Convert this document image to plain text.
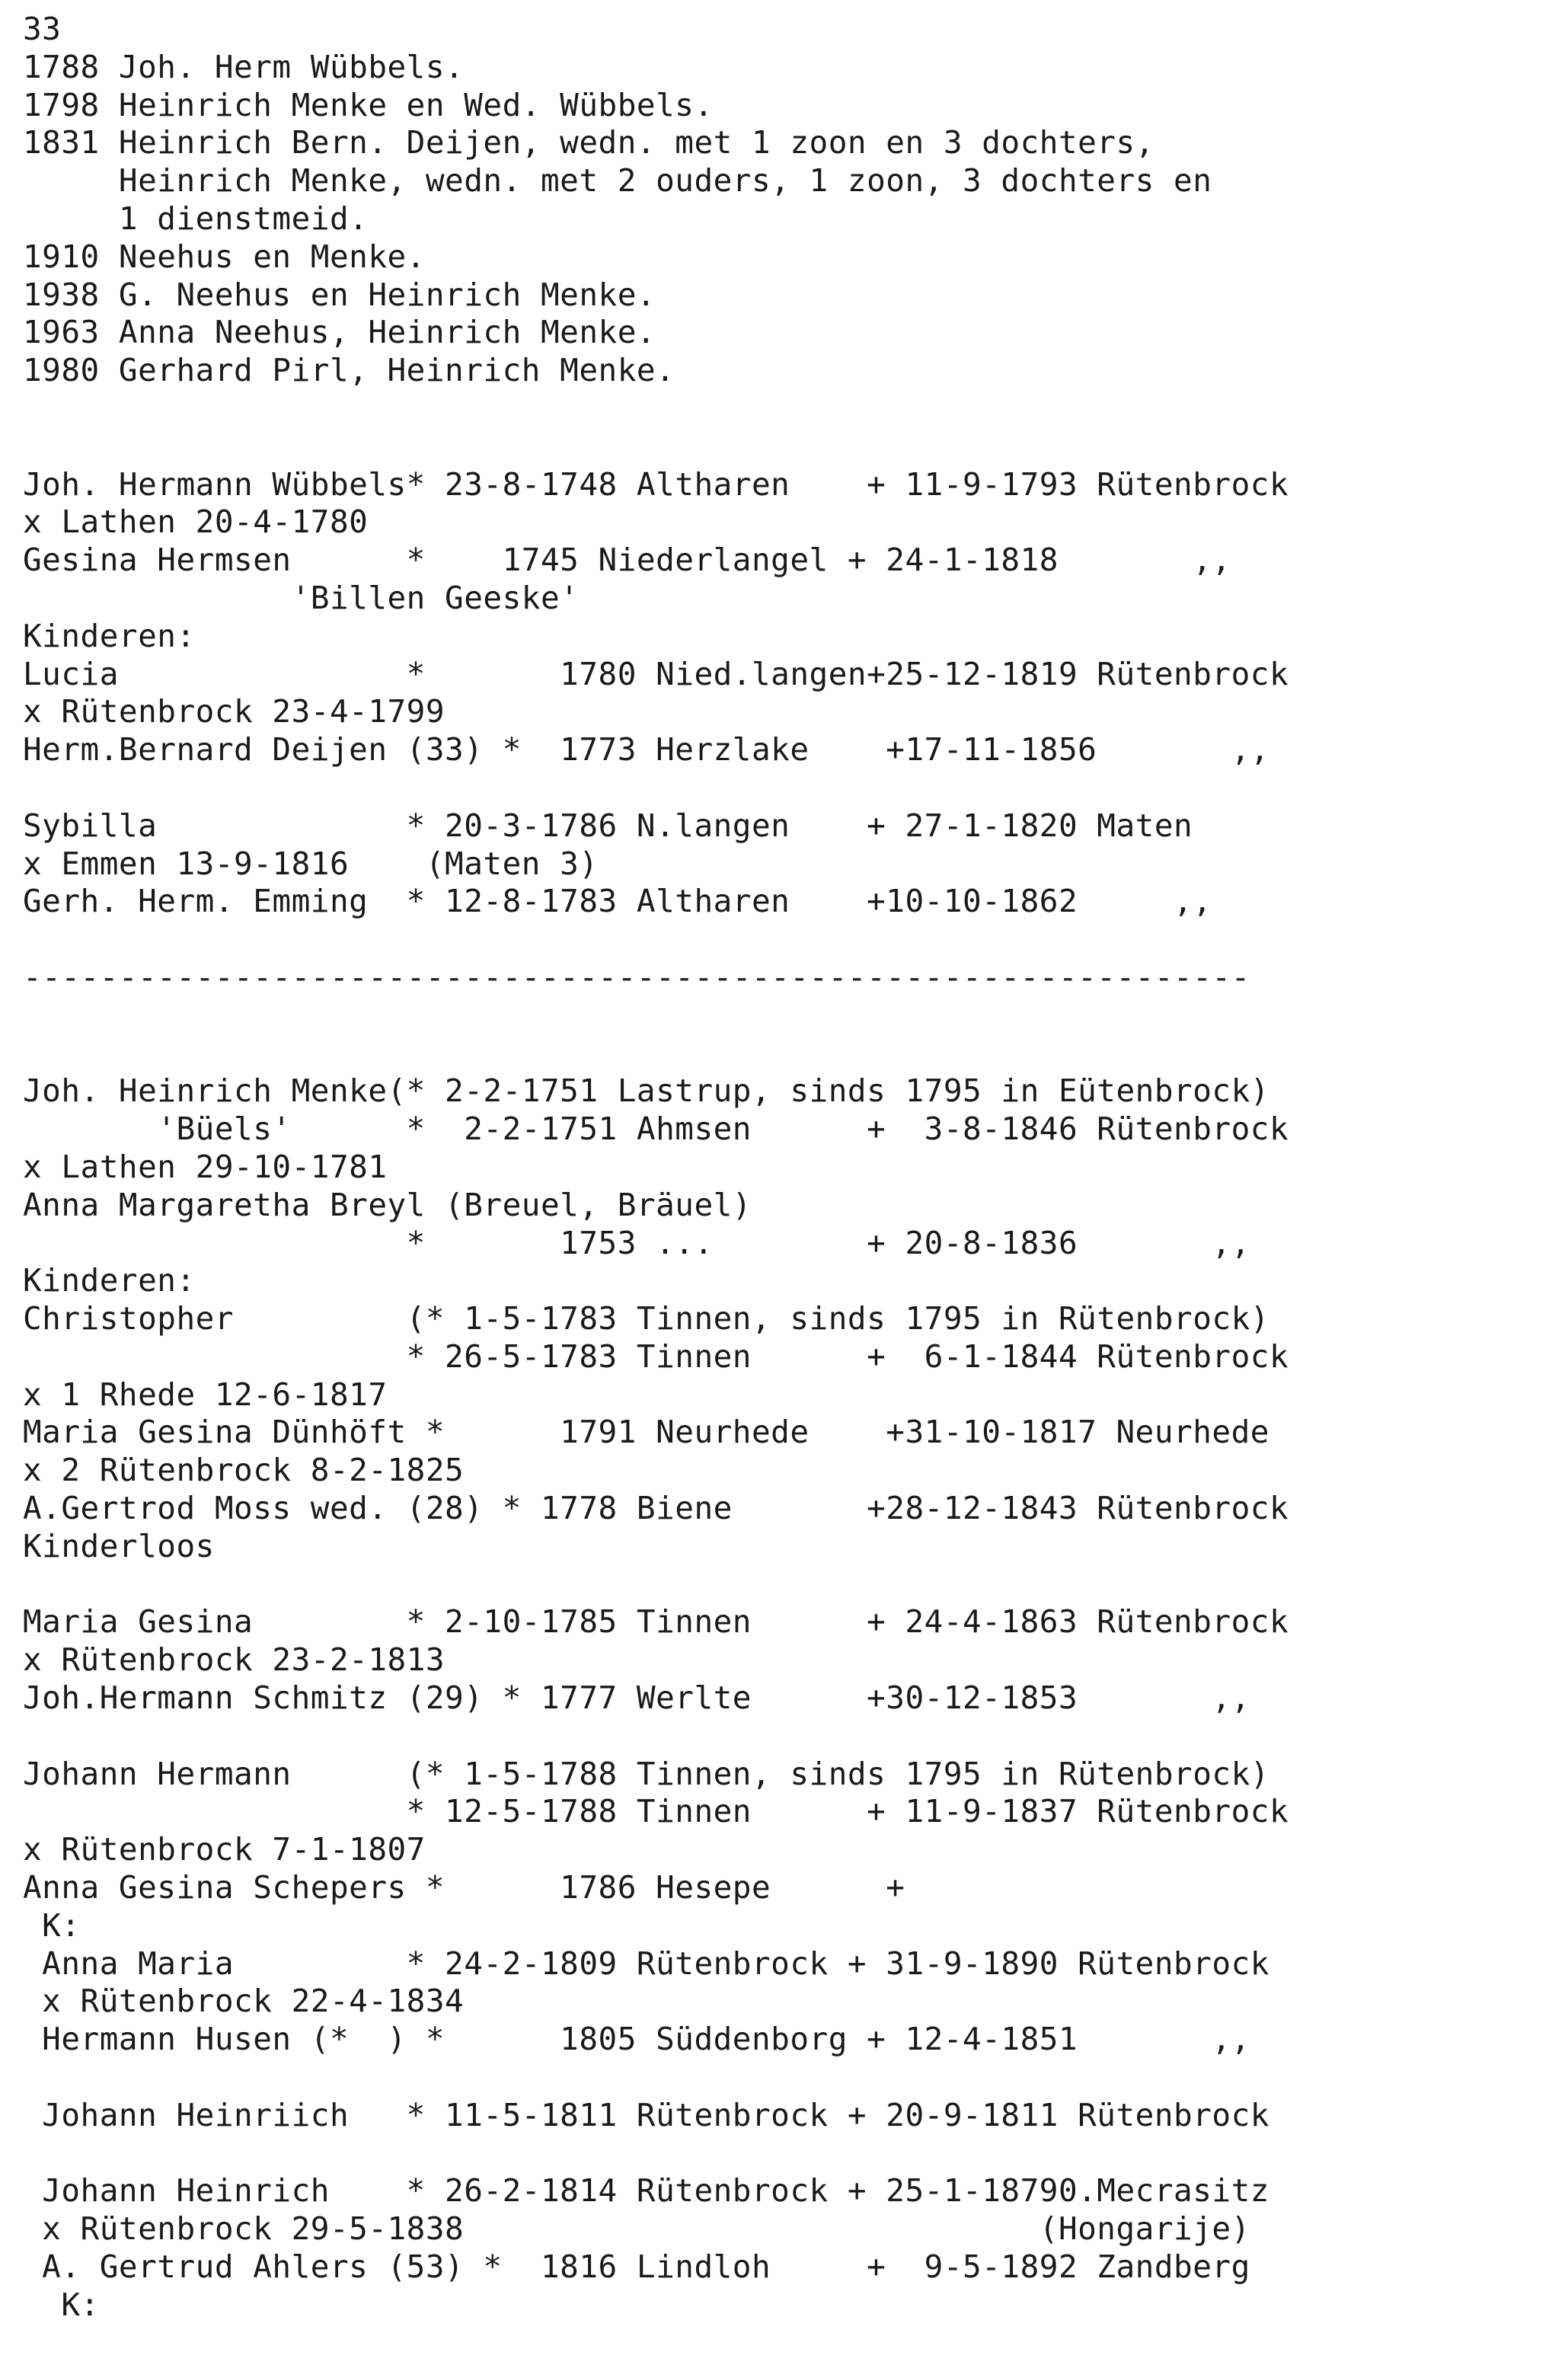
33
1788 Joh. Herm Wübbels.
1798 Heinrich Menke en Wed. Wübbels.
1831 Heinrich Bern. Deijen, wedn. met 1 zoon en 3 dochters,
Heinrich Menke, wedn. met 2 ouders, 1 zoon, 3 dochters en
1 dienstmeid.
1910 Neehus en Menke.
1938 G. Neehus en Heinrich Menke.
1963 Anna Neehus, Heinrich Menke.
1980 Gerhard Pirl, Heinrich Menke.
Joh. Hermann Wübbels* 23-8-1748 Altharen    + 11-9-1793 Rütenbrock
x Lathen 20-4-1780
Gesina Hermsen      *    1745 Niederlangel + 24-1-1818       ,,
'Billen Geeske'
Kinderen:
Lucia               *       1780 Nied.langen+25-12-1819 Rütenbrock
x Rütenbrock 23-4-1799
Herm.Bernard Deijen (33) *  1773 Herzlake    +17-11-1856       ,,
Sybilla             * 20-3-1786 N.langen    + 27-1-1820 Maten
x Emmen 13-9-1816    (Maten 3)
Gerh. Herm. Emming  * 12-8-1783 Altharen    +10-10-1862     ,,
----------------------------------------------------------------
Joh. Heinrich Menke(* 2-2-1751 Lastrup, sinds 1795 in Eütenbrock)
'Büels'      *  2-2-1751 Ahmsen      +  3-8-1846 Rütenbrock
x Lathen 29-10-1781
Anna Margaretha Breyl (Breuel, Bräuel)
*       1753 ...        + 20-8-1836       ,,
Kinderen:
Christopher         (* 1-5-1783 Tinnen, sinds 1795 in Rütenbrock)
* 26-5-1783 Tinnen      +  6-1-1844 Rütenbrock
x 1 Rhede 12-6-1817
Maria Gesina Dünhöft *      1791 Neurhede    +31-10-1817 Neurhede
x 2 Rütenbrock 8-2-1825
A.Gertrod Moss wed. (28) * 1778 Biene       +28-12-1843 Rütenbrock
Kinderloos
Maria Gesina        * 2-10-1785 Tinnen      + 24-4-1863 Rütenbrock
x Rütenbrock 23-2-1813
Joh.Hermann Schmitz (29) * 1777 Werlte      +30-12-1853       ,,
Johann Hermann      (* 1-5-1788 Tinnen, sinds 1795 in Rütenbrock)
* 12-5-1788 Tinnen      + 11-9-1837 Rütenbrock
x Rütenbrock 7-1-1807
Anna Gesina Schepers *      1786 Hesepe      +
K:
Anna Maria         * 24-2-1809 Rütenbrock + 31-9-1890 Rütenbrock
x Rütenbrock 22-4-1834
Hermann Husen (*  ) *      1805 Süddenborg + 12-4-1851       ,,
Johann Heinriich   * 11-5-1811 Rütenbrock + 20-9-1811 Rütenbrock
Johann Heinrich    * 26-2-1814 Rütenbrock + 25-1-18790.Mecrasitz
x Rütenbrock 29-5-1838                              (Hongarije)
A. Gertrud Ahlers (53) *  1816 Lindloh     +  9-5-1892 Zandberg
K:
